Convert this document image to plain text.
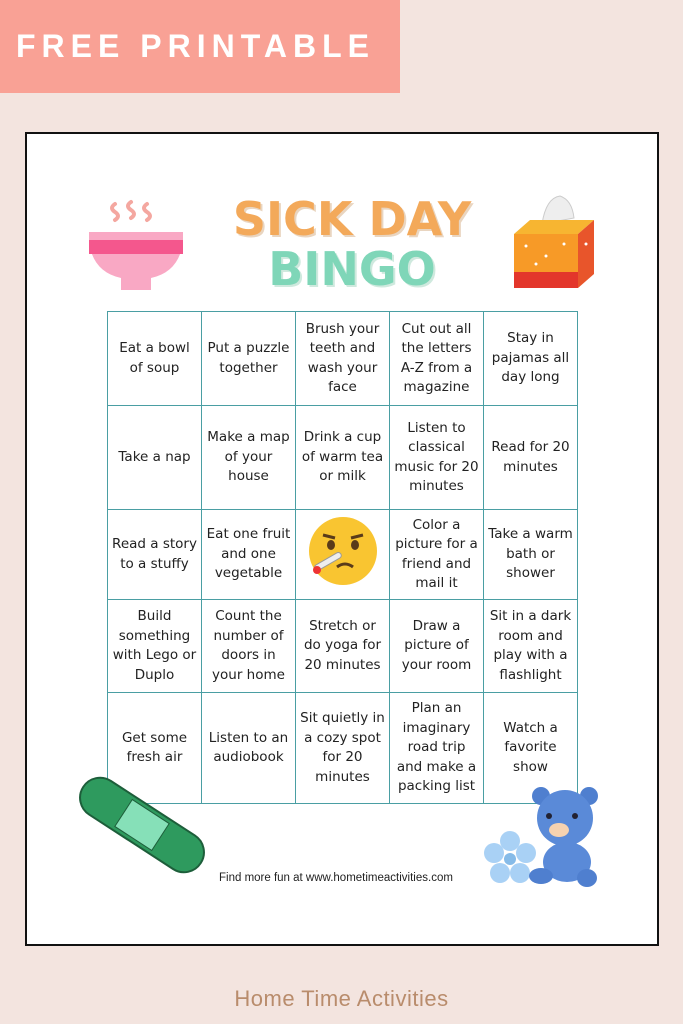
FREE PRINTABLE
SICK DAY
BINGO
Eat a bowl of soup	Put a puzzle together	Brush your teeth and wash your face	Cut out all the letters A-Z from a magazine	Stay in pajamas all day long
Take a nap	Make a map of your house	Drink a cup of warm tea or milk	Listen to classical music for 20 minutes	Read for 20 minutes
Read a story to a stuffy	Eat one fruit and one vegetable		Color a picture for a friend and mail it	Take a warm bath or shower
Build something with Lego or Duplo	Count the number of doors in your home	Stretch or do yoga for 20 minutes	Draw a picture of your room	Sit in a dark room and play with a flashlight
Get some fresh air	Listen to an audiobook	Sit quietly in a cozy spot for 20 minutes	Plan an imaginary road trip and make a packing list	Watch a favorite show
Find more fun at www.hometimeactivities.com
Home Time Activities
